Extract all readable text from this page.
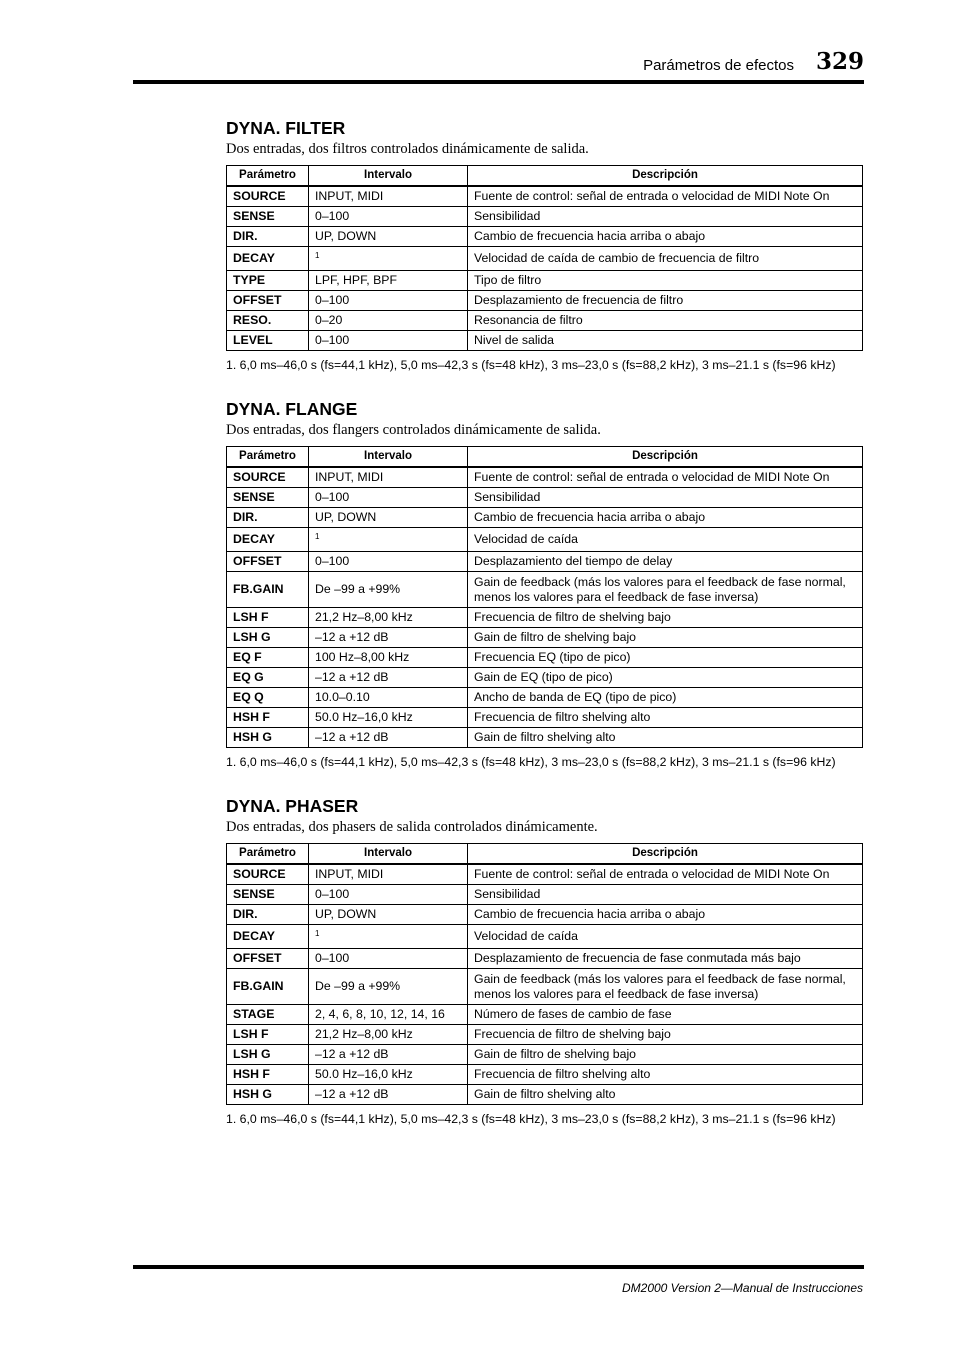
Parámetros de efectos 329
DYNA. FILTER

Dos entradas, dos filtros controlados dinámicamente de salida.

Parámetro	Intervalo	Descripción
SOURCE	INPUT, MIDI	Fuente de control: señal de entrada o velocidad de MIDI Note On
SENSE	0–100	Sensibilidad
DIR.	UP, DOWN	Cambio de frecuencia hacia arriba o abajo
DECAY	$^1$	Velocidad de caída de cambio de frecuencia de filtro
TYPE	LPF, HPF, BPF	Tipo de filtro
OFFSET	0–100	Desplazamiento de frecuencia de filtro
RESO.	0–20	Resonancia de filtro
LEVEL	0–100	Nivel de salida
1. 6,0 ms–46,0 s (fs=44,1 kHz), 5,0 ms–42,3 s (fs=48 kHz), 3 ms–23,0 s (fs=88,2 kHz), 3 ms–21.1 s (fs=96 kHz)
DYNA. FLANGE

Dos entradas, dos flangers controlados dinámicamente de salida.

Parámetro	Intervalo	Descripción
SOURCE	INPUT, MIDI	Fuente de control: señal de entrada o velocidad de MIDI Note On
SENSE	0–100	Sensibilidad
DIR.	UP, DOWN	Cambio de frecuencia hacia arriba o abajo
DECAY	$^1$	Velocidad de caída
OFFSET	0–100	Desplazamiento del tiempo de delay
FB.GAIN	De –99 a +99%	Gain de feedback (más los valores para el feedback de fase normal, menos los valores para el feedback de fase inversa)
LSH F	21,2 Hz–8,00 kHz	Frecuencia de filtro de shelving bajo
LSH G	–12 a +12 dB	Gain de filtro de shelving bajo
EQ F	100 Hz–8,00 kHz	Frecuencia EQ (tipo de pico)
EQ G	–12 a +12 dB	Gain de EQ (tipo de pico)
EQ Q	10.0–0.10	Ancho de banda de EQ (tipo de pico)
HSH F	50.0 Hz–16,0 kHz	Frecuencia de filtro shelving alto
HSH G	–12 a +12 dB	Gain de filtro shelving alto
1. 6,0 ms–46,0 s (fs=44,1 kHz), 5,0 ms–42,3 s (fs=48 kHz), 3 ms–23,0 s (fs=88,2 kHz), 3 ms–21.1 s (fs=96 kHz)
DYNA. PHASER

Dos entradas, dos phasers de salida controlados dinámicamente.

Parámetro	Intervalo	Descripción
SOURCE	INPUT, MIDI	Fuente de control: señal de entrada o velocidad de MIDI Note On
SENSE	0–100	Sensibilidad
DIR.	UP, DOWN	Cambio de frecuencia hacia arriba o abajo
DECAY	$^1$	Velocidad de caída
OFFSET	0–100	Desplazamiento de frecuencia de fase conmutada más bajo
FB.GAIN	De –99 a +99%	Gain de feedback (más los valores para el feedback de fase normal, menos los valores para el feedback de fase inversa)
STAGE	2, 4, 6, 8, 10, 12, 14, 16	Número de fases de cambio de fase
LSH F	21,2 Hz–8,00 kHz	Frecuencia de filtro de shelving bajo
LSH G	–12 a +12 dB	Gain de filtro de shelving bajo
HSH F	50.0 Hz–16,0 kHz	Frecuencia de filtro shelving alto
HSH G	–12 a +12 dB	Gain de filtro shelving alto
1. 6,0 ms–46,0 s (fs=44,1 kHz), 5,0 ms–42,3 s (fs=48 kHz), 3 ms–23,0 s (fs=88,2 kHz), 3 ms–21.1 s (fs=96 kHz)
DM2000 Version 2—Manual de Instrucciones
